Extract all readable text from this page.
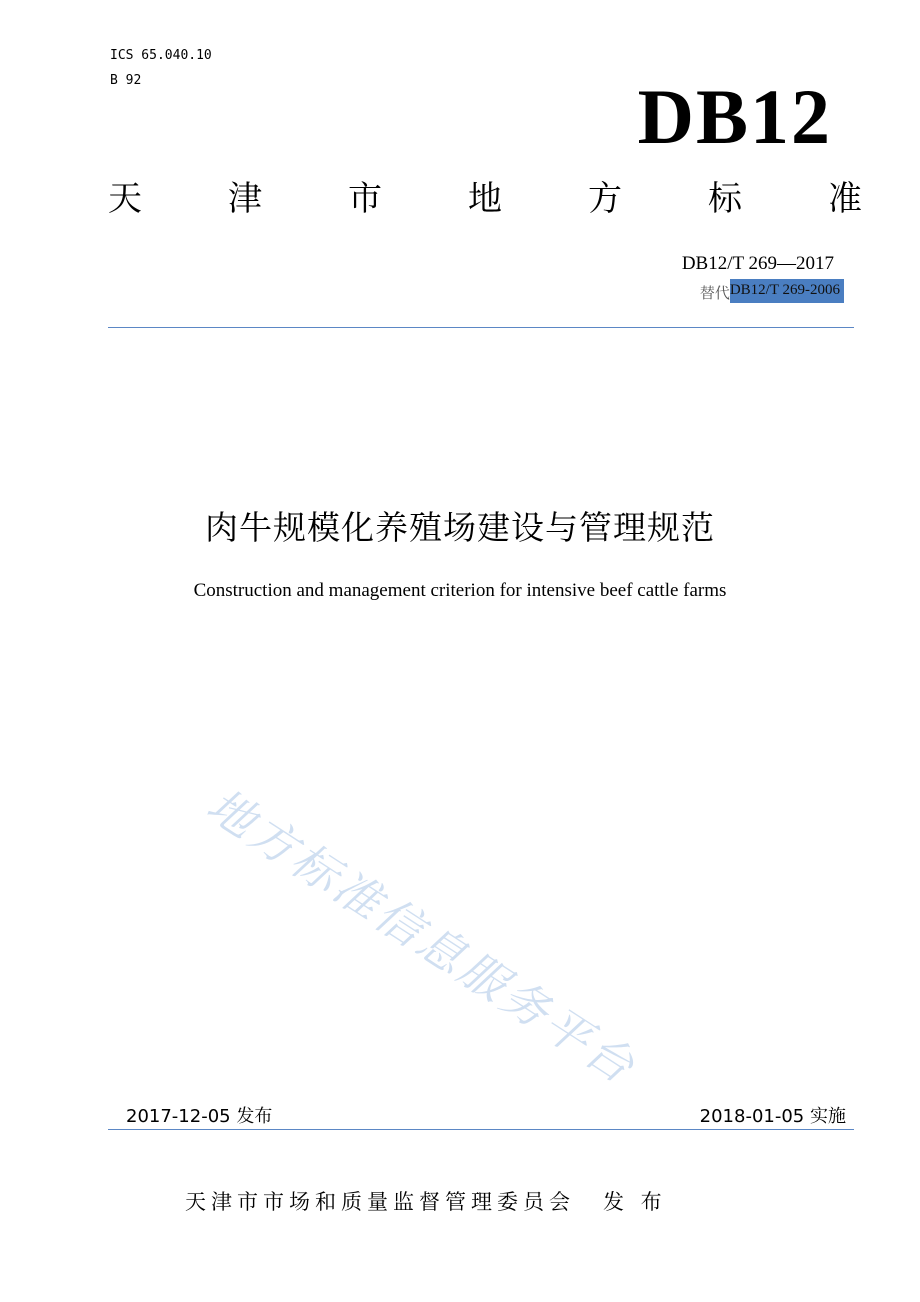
ICS 65.040.10
B 92	DB12
天	津	市	地	方	标	准
DB12/T 269—2017
替代 DB12/T 269-2006
肉牛规模化养殖场建设与管理规范
Construction and management criterion for intensive beef cattle farms
地方标准信息服务平台
2017-12-05 发布	2018-01-05 实施
天津市市场和质量监督管理委员会 发 布
